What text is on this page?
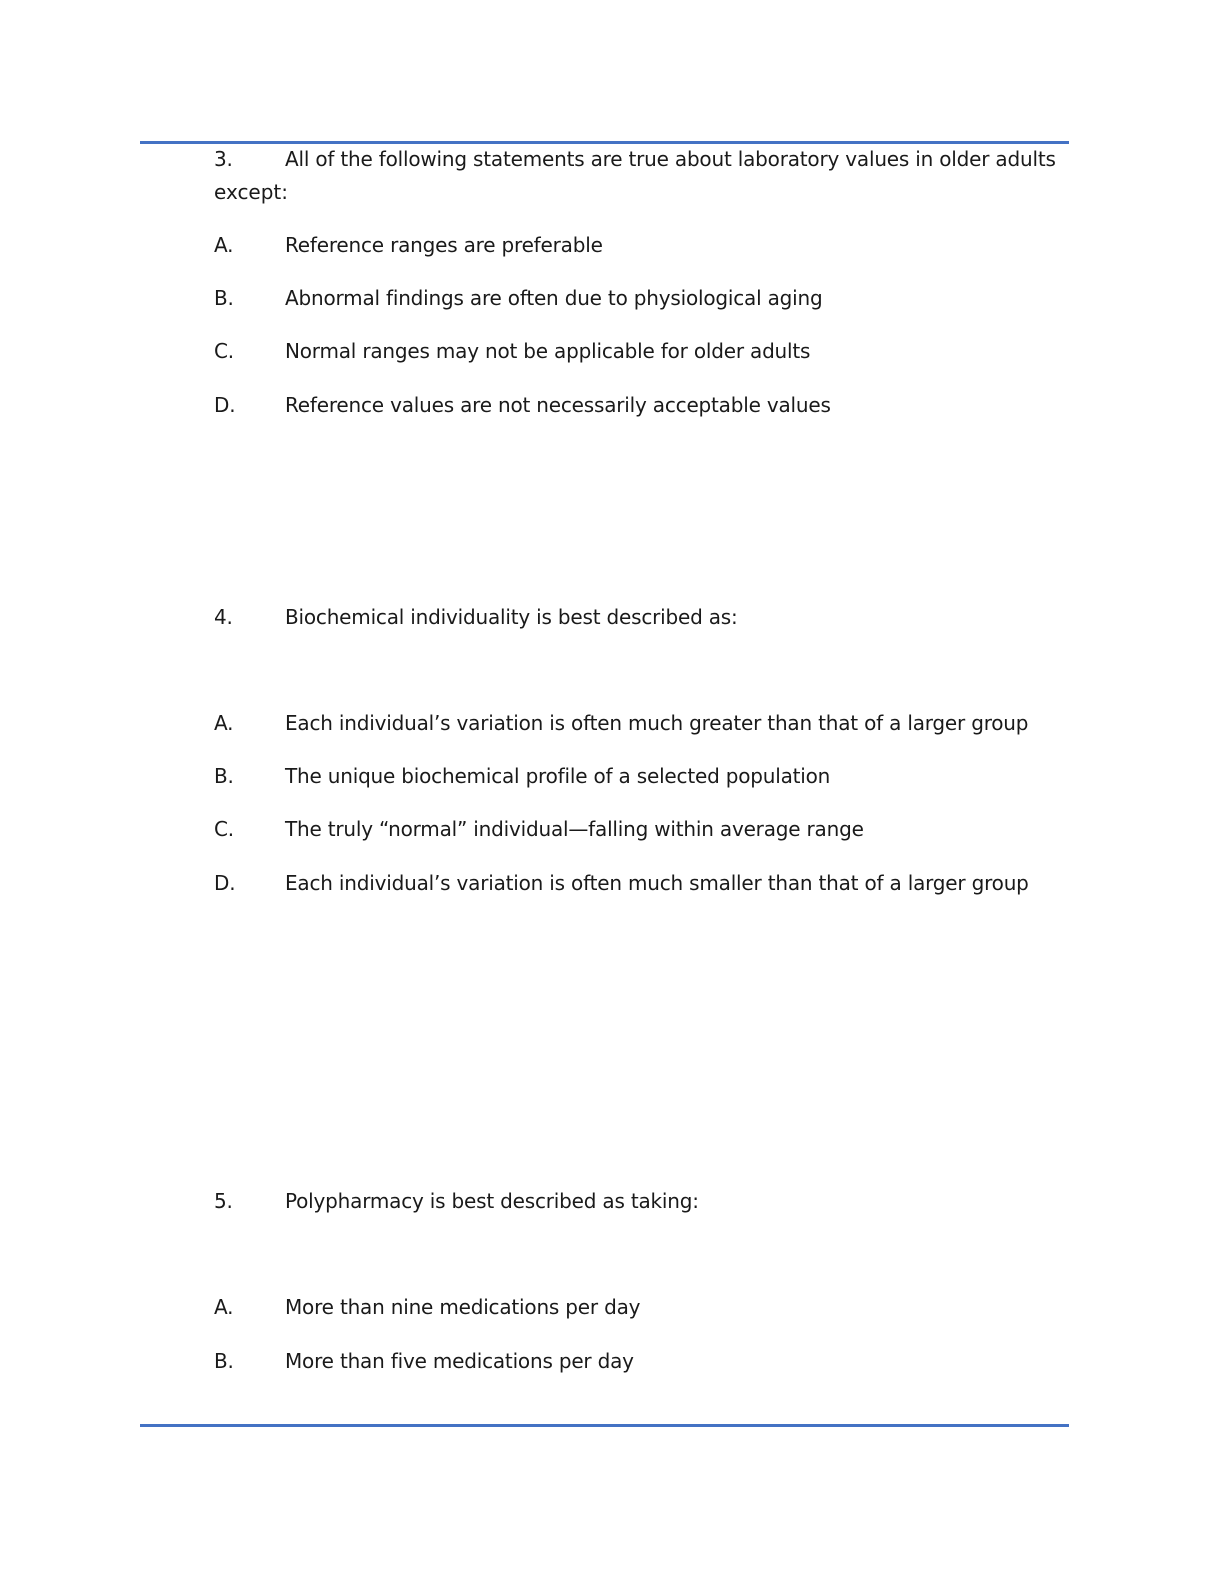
3.	All of the following statements are true about laboratory values in older adults
except:
A.	Reference ranges are preferable
B.	Abnormal findings are often due to physiological aging
C.	Normal ranges may not be applicable for older adults
D. Reference values are not necessarily acceptable values
4.	Biochemical individuality is best described as:
A.	Each individual’s variation is often much greater than that of a larger group
B.	The unique biochemical profile of a selected population
C.	The truly “normal” individual—falling within average range
D. Each individual’s variation is often much smaller than that of a larger group
5.	Polypharmacy is best described as taking:
A.	More than nine medications per day
B.	More than five medications per day
